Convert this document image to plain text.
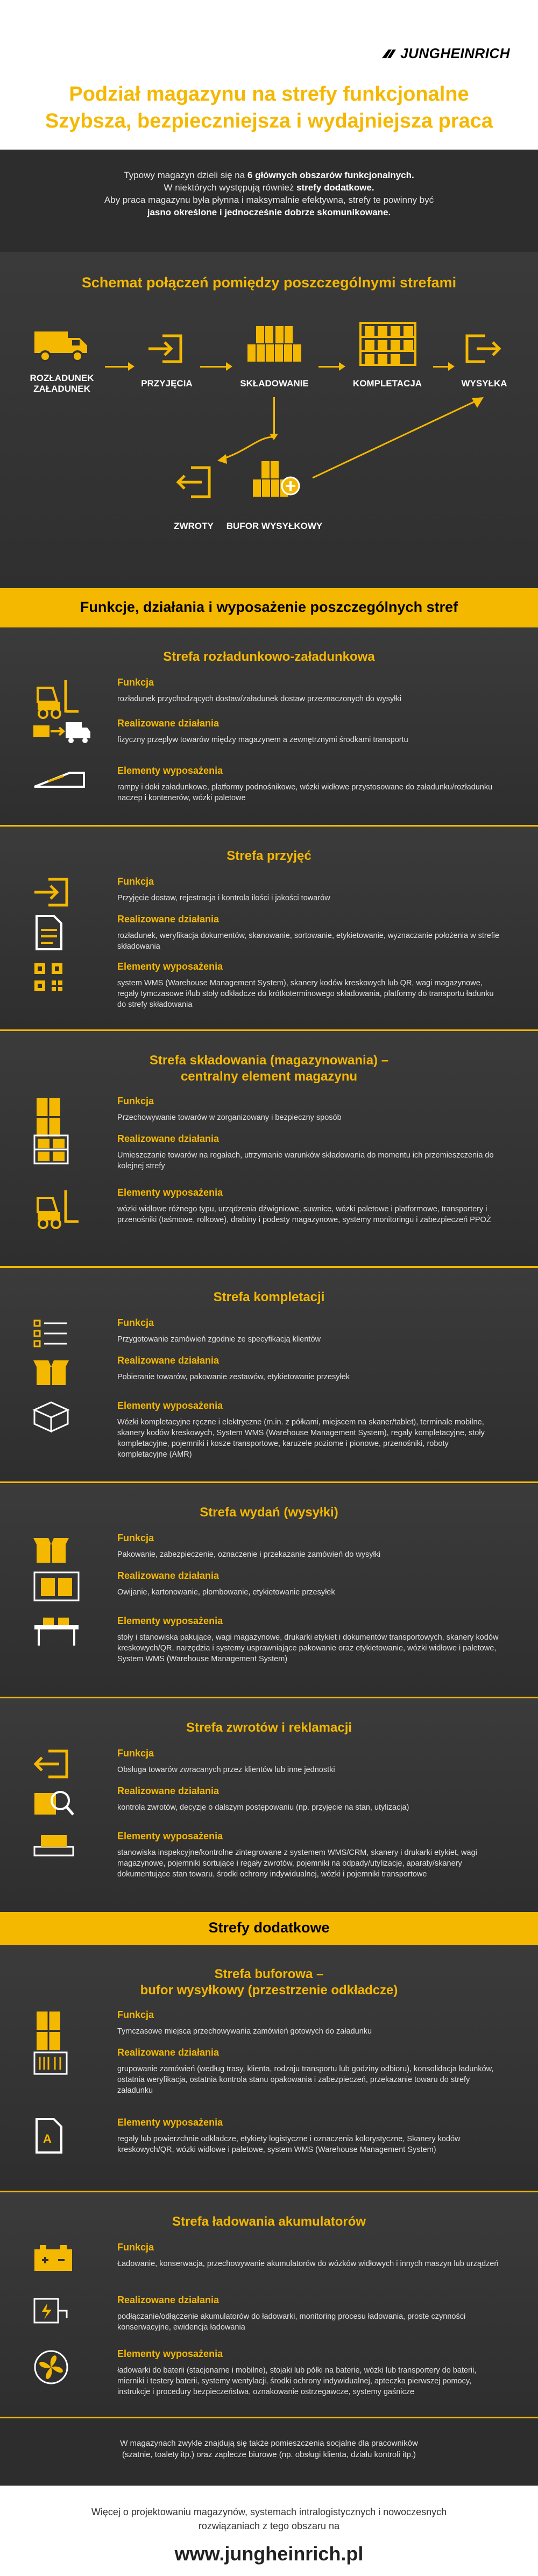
JUNGHEINRICH
Podział magazynu na strefy funkcjonalne
Szybsza, bezpieczniejsza i wydajniejsza praca
Typowy magazyn dzieli się na 6 głównych obszarów funkcjonalnych.
W niektórych występują również strefy dodatkowe.
Aby praca magazynu była płynna i maksymalnie efektywna, strefy te powinny być
jasno określone i jednocześnie dobrze skomunikowane.
Schemat połączeń pomiędzy poszczególnymi strefami
ROZŁADUNEK
ZAŁADUNEK
PRZYJĘCIA	SKŁADOWANIE	KOMPLETACJA	WYSYŁKA
ZWROTY	BUFOR WYSYŁKOWY
Funkcje, działania i wyposażenie poszczególnych stref
Strefa rozładunkowo-załadunkowa
Funkcja
rozładunek przychodzących dostaw/załadunek dostaw przeznaczonych do wysyłki
Realizowane działania
fizyczny przepływ towarów między magazynem a zewnętrznymi środkami transportu
Elementy wyposażenia
rampy i doki załadunkowe, platformy podnośnikowe, wózki widłowe przystosowane do załadunku/rozładunku naczep i kontenerów, wózki paletowe
Strefa przyjęć
Funkcja
Przyjęcie dostaw, rejestracja i kontrola ilości i jakości towarów
Realizowane działania
rozładunek, weryfikacja dokumentów, skanowanie, sortowanie, etykietowanie, wyznaczanie położenia w strefie składowania
Elementy wyposażenia
system WMS (Warehouse Management System), skanery kodów kreskowych lub QR, wagi magazynowe, regały tymczasowe i/lub stoły odkładcze do krótkoterminowego składowania, platformy do transportu ładunku do strefy składowania
Strefa składowania (magazynowania) –
centralny element magazynu
Funkcja
Przechowywanie towarów w zorganizowany i bezpieczny sposób
Realizowane działania
Umieszczanie towarów na regałach, utrzymanie warunków składowania do momentu ich przemieszczenia do kolejnej strefy
Elementy wyposażenia
wózki widłowe różnego typu, urządzenia dźwigniowe, suwnice, wózki paletowe i platformowe, transportery i przenośniki (taśmowe, rolkowe), drabiny i podesty magazynowe, systemy monitoringu i zabezpieczeń PPOŻ
Strefa kompletacji
Funkcja
Przygotowanie zamówień zgodnie ze specyfikacją klientów
Realizowane działania
Pobieranie towarów, pakowanie zestawów, etykietowanie przesyłek
Elementy wyposażenia
Wózki kompletacyjne ręczne i elektryczne (m.in. z półkami, miejscem na skaner/tablet), terminale mobilne, skanery kodów kreskowych, System WMS (Warehouse Management System), regały kompletacyjne, stoły kompletacyjne, pojemniki i kosze transportowe, karuzele poziome i pionowe, przenośniki, roboty kompletacyjne (AMR)
Strefa wydań (wysyłki)
Funkcja
Pakowanie, zabezpieczenie, oznaczenie i przekazanie zamówień do wysyłki
Realizowane działania
Owijanie, kartonowanie, plombowanie, etykietowanie przesyłek
Elementy wyposażenia
stoły i stanowiska pakujące, wagi magazynowe, drukarki etykiet i dokumentów transportowych, skanery kodów kreskowych/QR, narzędzia i systemy usprawniające pakowanie oraz etykietowanie, wózki widłowe i paletowe, System WMS (Warehouse Management System)
Strefa zwrotów i reklamacji
Funkcja
Obsługa towarów zwracanych przez klientów lub inne jednostki
Realizowane działania
kontrola zwrotów, decyzje o dalszym postępowaniu (np. przyjęcie na stan, utylizacja)
Elementy wyposażenia
stanowiska inspekcyjne/kontrolne zintegrowane z systemem WMS/CRM, skanery i drukarki etykiet, wagi magazynowe, pojemniki sortujące i regały zwrotów, pojemniki na odpady/utylizację, aparaty/skanery dokumentujące stan towaru, środki ochrony indywidualnej, wózki i pojemniki transportowe
Strefy dodatkowe
Strefa buforowa –
bufor wysyłkowy (przestrzenie odkładcze)
Funkcja
Tymczasowe miejsca przechowywania zamówień gotowych do załadunku
Realizowane działania
grupowanie zamówień (według trasy, klienta, rodzaju transportu lub godziny odbioru), konsolidacja ładunków, ostatnia weryfikacja, ostatnia kontrola stanu opakowania i zabezpieczeń, przekazanie towaru do strefy załadunku
A
Elementy wyposażenia
regały lub powierzchnie odkładcze, etykiety logistyczne i oznaczenia kolorystyczne, Skanery kodów kreskowych/QR, wózki widłowe i paletowe, system WMS (Warehouse Management System)
Strefa ładowania akumulatorów
Funkcja
Ładowanie, konserwacja, przechowywanie akumulatorów do wózków widłowych i innych maszyn lub urządzeń
Realizowane działania
podłączanie/odłączenie akumulatorów do ładowarki, monitoring procesu ładowania, proste czynności konserwacyjne, ewidencja ładowania
Elementy wyposażenia
ładowarki do baterii (stacjonarne i mobilne), stojaki lub półki na baterie, wózki lub transportery do baterii, mierniki i testery baterii, systemy wentylacji, środki ochrony indywidualnej, apteczka pierwszej pomocy, instrukcje i procedury bezpieczeństwa, oznakowanie ostrzegawcze, systemy gaśnicze
W magazynach zwykle znajdują się także pomieszczenia socjalne dla pracowników
(szatnie, toalety itp.) oraz zaplecze biurowe (np. obsługi klienta, działu kontroli itp.)
Więcej o projektowaniu magazynów, systemach intralogistycznych i nowoczesnych
rozwiązaniach z tego obszaru na
www.jungheinrich.pl
